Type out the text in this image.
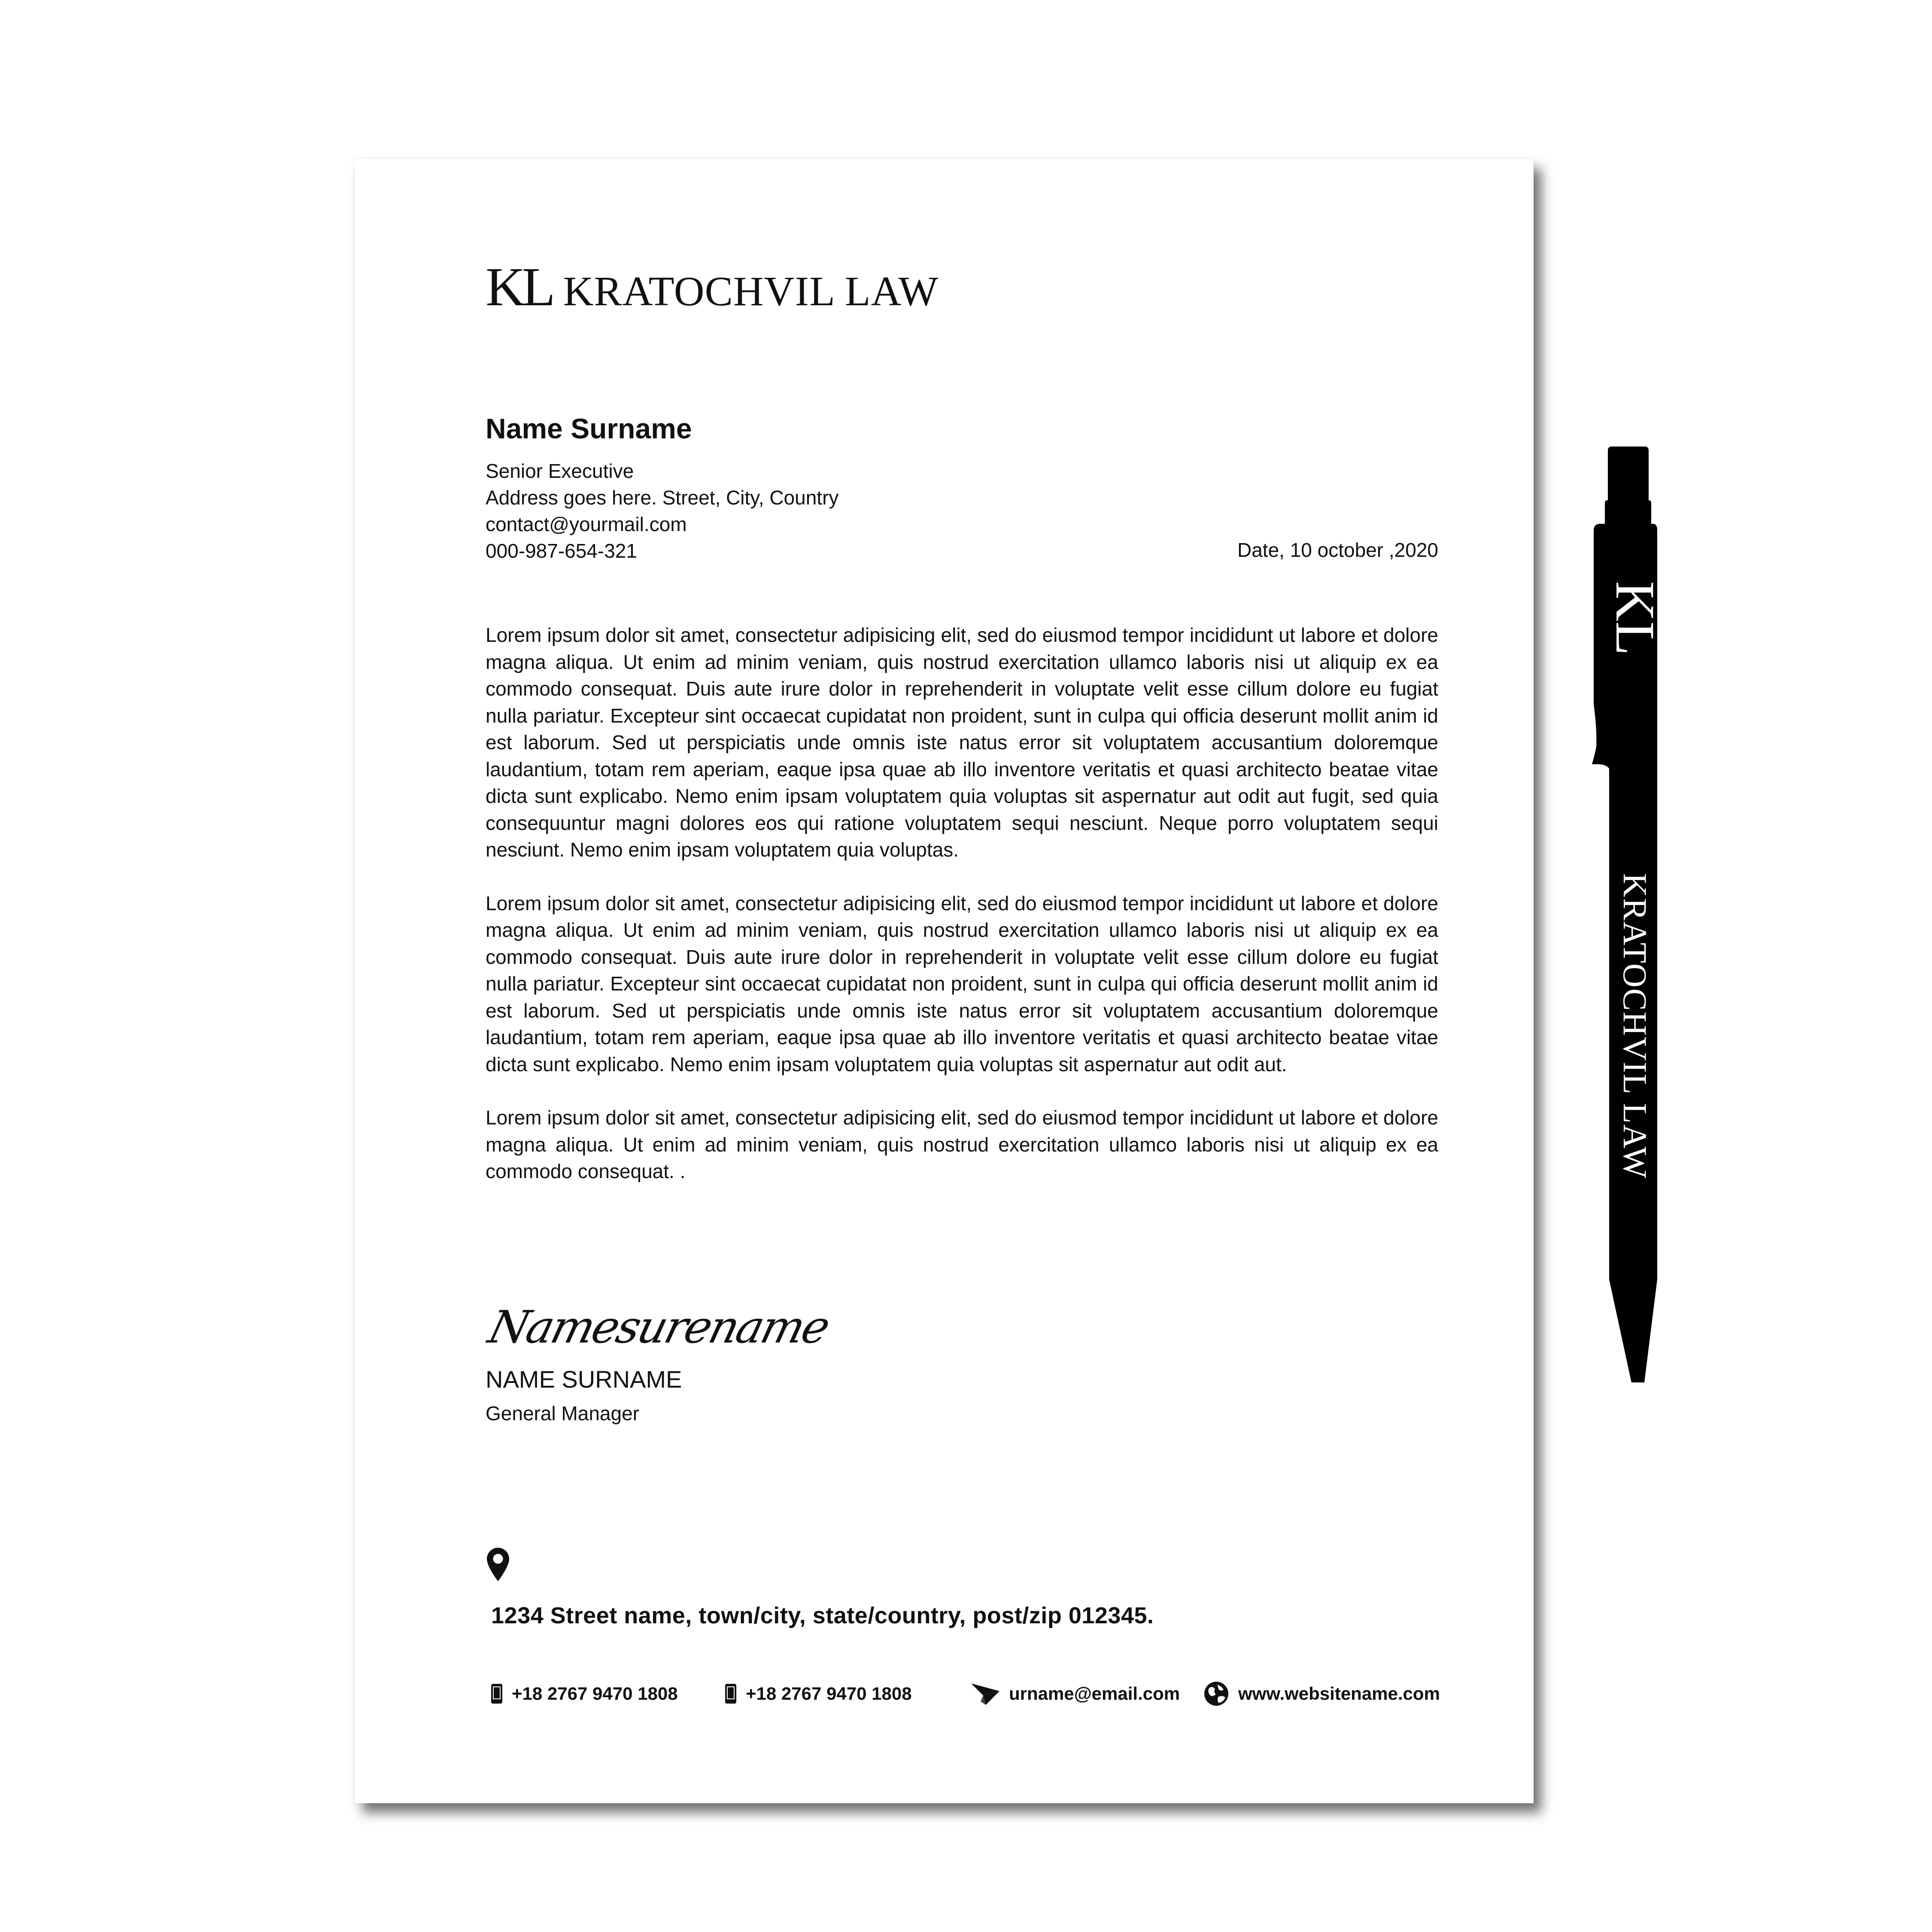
KL KRATOCHVIL LAW
Name Surname
Senior Executive
Address goes here. Street, City, Country
contact@yourmail.com
000-987-654-321	Date, 10 october ,2020

Lorem ipsum dolor sit amet, consectetur adipisicing elit, sed do eiusmod tempor incididunt ut labore et dolore magna aliqua. Ut enim ad minim veniam, quis nostrud exercitation ullamco laboris nisi ut aliquip ex ea commodo consequat. Duis aute irure dolor in reprehenderit in voluptate velit esse cillum dolore eu fugiat nulla pariatur. Excepteur sint occaecat cupidatat non proident, sunt in culpa qui officia deserunt mollit anim id est laborum. Sed ut perspiciatis unde omnis iste natus error sit voluptatem accusantium doloremque laudantium, totam rem aperiam, eaque ipsa quae ab illo inventore veritatis et quasi architecto beatae vitae dicta sunt explicabo. Nemo enim ipsam voluptatem quia voluptas sit aspernatur aut odit aut fugit, sed quia consequuntur magni dolores eos qui ratione voluptatem sequi nesciunt. Neque porro voluptatem sequi nesciunt. Nemo enim ipsam voluptatem quia voluptas.

Lorem ipsum dolor sit amet, consectetur adipisicing elit, sed do eiusmod tempor incididunt ut labore et dolore magna aliqua. Ut enim ad minim veniam, quis nostrud exercitation ullamco laboris nisi ut aliquip ex ea commodo consequat. Duis aute irure dolor in reprehenderit in voluptate velit esse cillum dolore eu fugiat nulla pariatur. Excepteur sint occaecat cupidatat non proident, sunt in culpa qui officia deserunt mollit anim id est laborum. Sed ut perspiciatis unde omnis iste natus error sit voluptatem accusantium doloremque laudantium, totam rem aperiam, eaque ipsa quae ab illo inventore veritatis et quasi architecto beatae vitae dicta sunt explicabo. Nemo enim ipsam voluptatem quia voluptas sit aspernatur aut odit aut.

Lorem ipsum dolor sit amet, consectetur adipisicing elit, sed do eiusmod tempor incididunt ut labore et dolore magna aliqua. Ut enim ad minim veniam, quis nostrud exercitation ullamco laboris nisi ut aliquip ex ea commodo consequat. .

Namesurename
NAME SURNAME
General Manager
1234 Street name, town/city, state/country, post/zip 012345.
+18 2767 9470 1808	+18 2767 9470 1808	urname@email.com	www.websitename.com
KL
KRATOCHVIL LAW
